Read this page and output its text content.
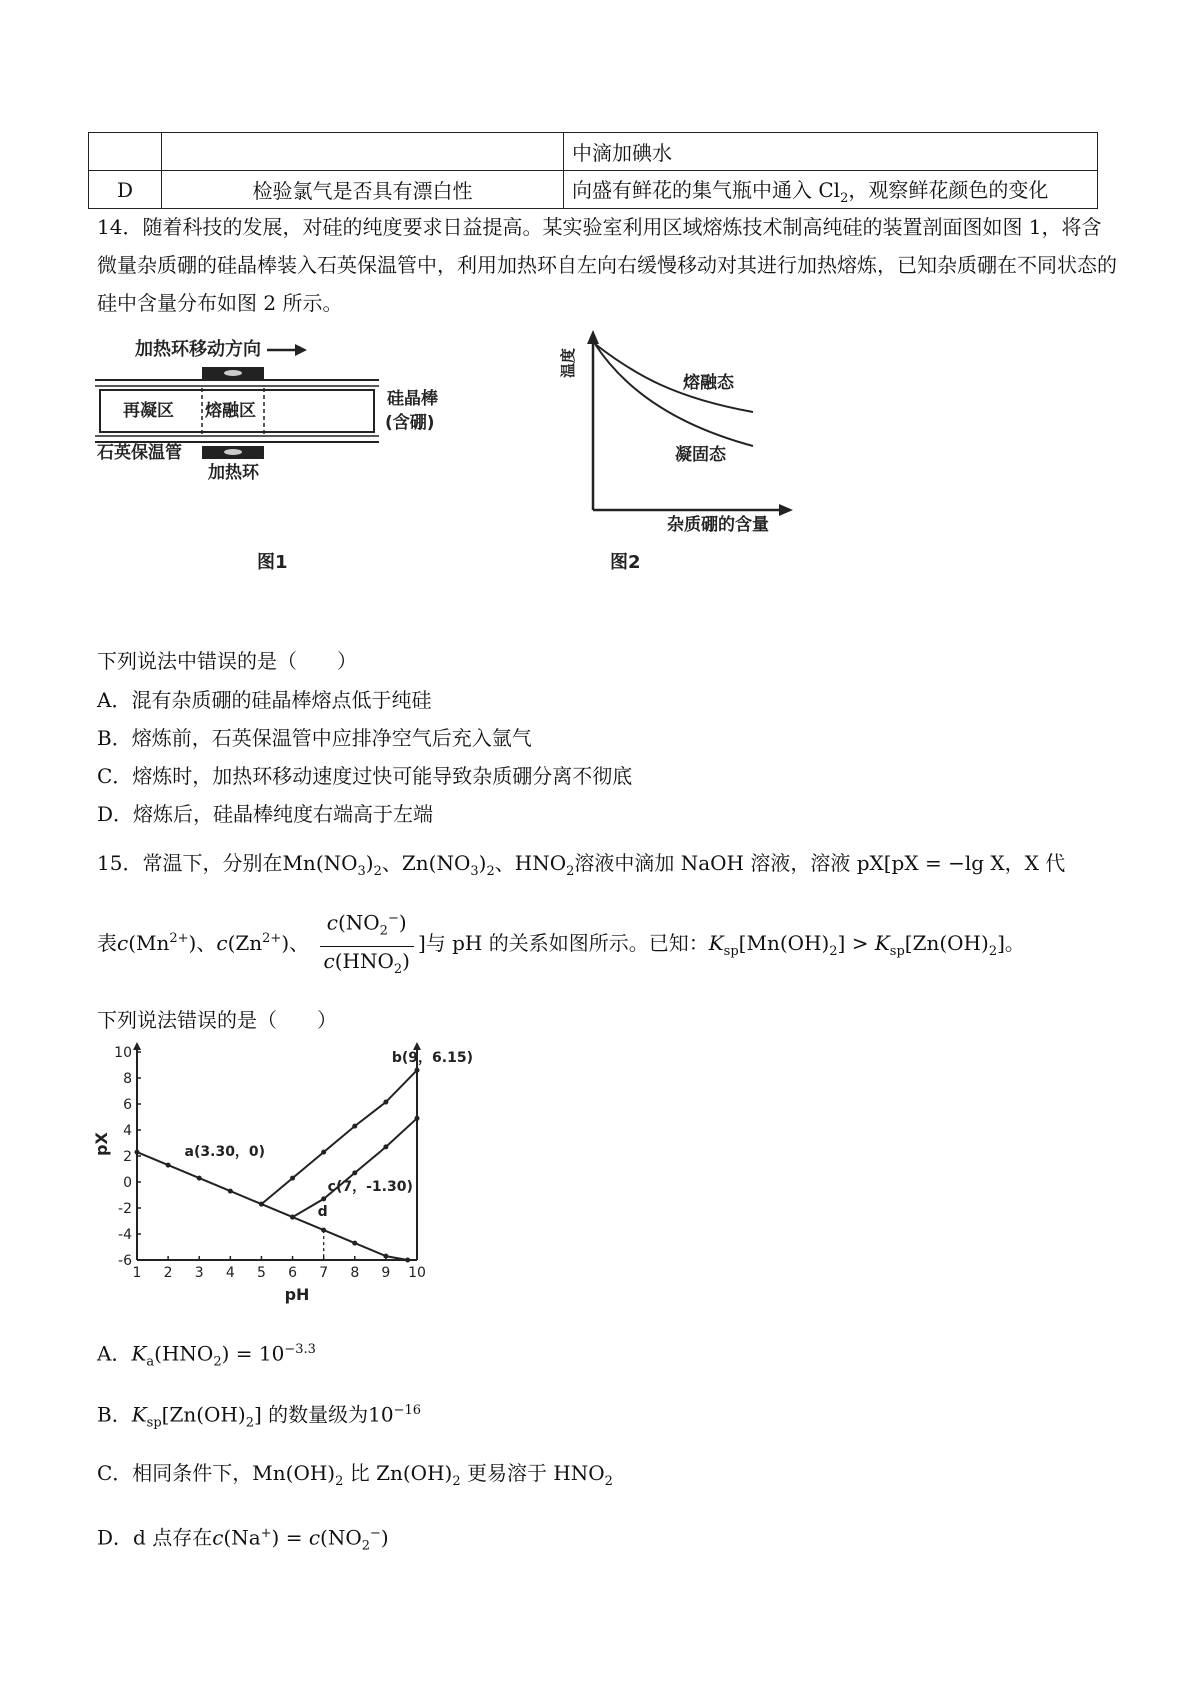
		中滴加碘水
D	检验氯气是否具有漂白性	向盛有鲜花的集气瓶中通入 $Cl_2$，观察鲜花颜色的变化
14．随着科技的发展，对硅的纯度要求日益提高。某实验室利用区域熔炼技术制高纯硅的装置剖面图如图 1，将含微量杂质硼的硅晶棒装入石英保温管中，利用加热环自左向右缓慢移动对其进行加热熔炼，已知杂质硼在不同状态的硅中含量分布如图 2 所示。
加热环移动方向
再凝区 熔融区
硅晶棒
(含硼)
石英保温管
加热环
图1
温度
熔融态
凝固态
杂质硼的含量
图2
下列说法中错误的是（　　）
A．混有杂质硼的硅晶棒熔点低于纯硅
B．熔炼前，石英保温管中应排净空气后充入氩气
C．熔炼时，加热环移动速度过快可能导致杂质硼分离不彻底
D．熔炼后，硅晶棒纯度右端高于左端
15．常温下，分别在$Mn(NO_3)_2$、$Zn(NO_3)_2$、$HNO_2$溶液中滴加 NaOH 溶液，溶液 pX[pX = −lg X，X 代
表$c(Mn^{2+})$、$c(Zn^{2+})$、
$c(NO_2^-)$
$c(HNO_2)$
]与 pH 的关系如图所示。已知：$K_{sp}[Mn(OH)_2] > K_{sp}[Zn(OH)_2]$。
下列说法错误的是（　　）
1 2 3 4 5 6 7 8 9 10
-6
-4
-2
0
2
4
6
8
10
pH
pX	a(3.30，0)
b(9，6.15)
c(7，-1.30)
d
A．$K_a(HNO_2) = 10^{-3.3}$
B．$K_{sp}[Zn(OH)_2]$ 的数量级为$10^{-16}$
C．相同条件下，$Mn(OH)_2$ 比 $Zn(OH)_2$ 更易溶于 $HNO_2$
D．d 点存在$c(Na^+) = c(NO_2^-)$
